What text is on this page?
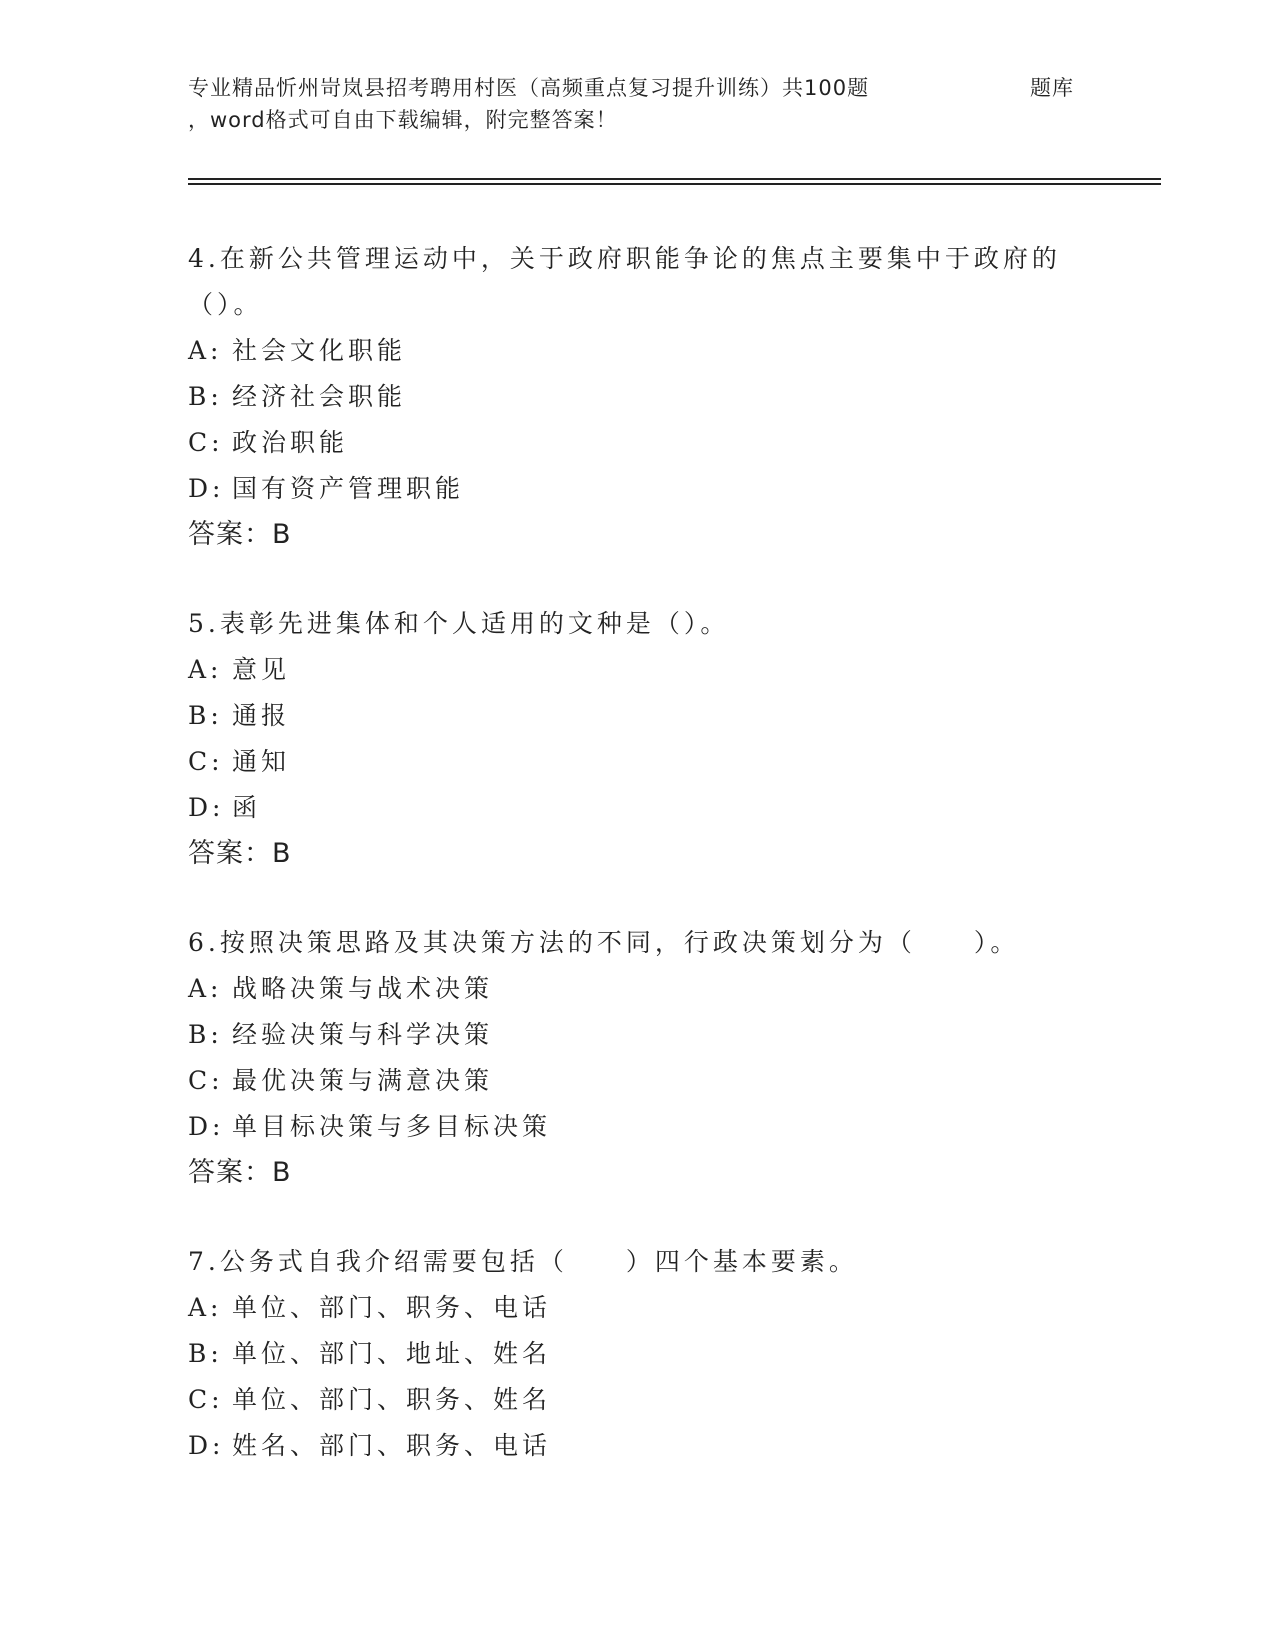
专业精品忻州岢岚县招考聘用村医（高频重点复习提升训练）共100题	题库
，word格式可自由下载编辑，附完整答案！

4.在新公共管理运动中，关于政府职能争论的焦点主要集中于政府的（）。

A: 社会文化职能
B: 经济社会职能
C: 政治职能
D: 国有资产管理职能
答案：B

5.表彰先进集体和个人适用的文种是（）。

A: 意见
B: 通报
C: 通知
D: 函
答案：B

6.按照决策思路及其决策方法的不同，行政决策划分为（　　）。

A: 战略决策与战术决策
B: 经验决策与科学决策
C: 最优决策与满意决策
D: 单目标决策与多目标决策
答案：B

7.公务式自我介绍需要包括（　　）四个基本要素。

A: 单位、部门、职务、电话
B: 单位、部门、地址、姓名
C: 单位、部门、职务、姓名
D: 姓名、部门、职务、电话
